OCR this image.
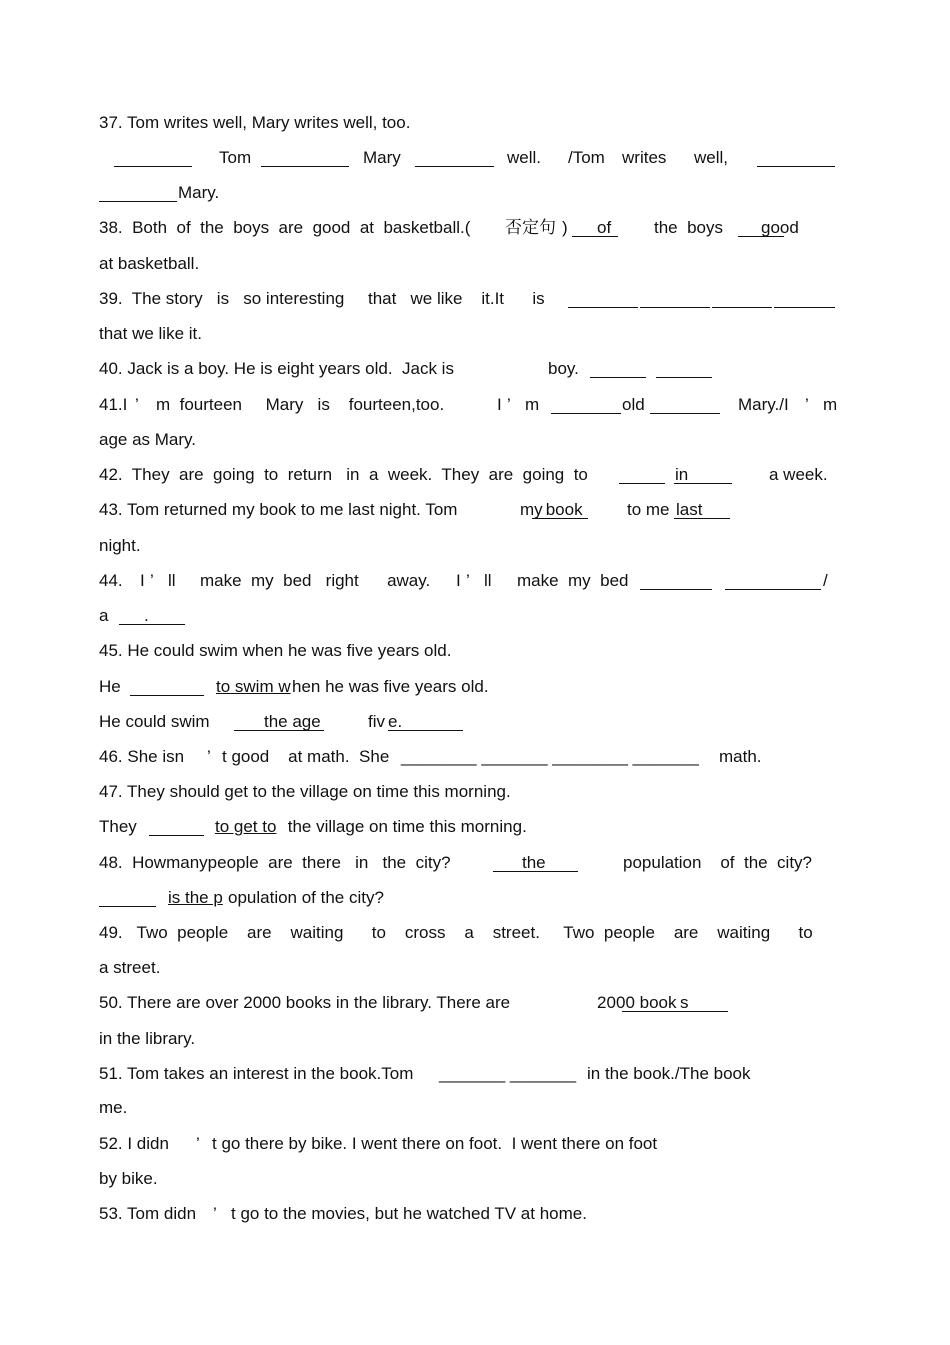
37. Tom writes well, Mary writes well, too.

Tom

	Mary

	well.

/Tom

writes

well,

Mary.

38.  Both  of  the  boys  are  good  at  basketball.(

否定句

)

of

	the  boys

good

at basketball.

39.  The story   is   so interesting     that   we like    it.It      is

that we like it.

40. Jack is a boy. He is eight years old.  Jack is

	boy.

41.I

’

m  fourteen     Mary   is    fourteen,too.

	I

’

m

	old

	Mary./I

’

m

age as Mary.

42.  They  are  going  to  return   in  a  week.  They  are  going  to

	in

	a week.

43. Tom returned my book to me last night. Tom

	my

book

	to me

last

night.

44.

I

’

ll

make  my  bed   right      away.

I

’

ll

make  my  bed

	/

a

.

45. He could swim when he was five years old.

He

	to swim w

hen he was five years old.

He could swim

	the age

	fiv

e.

46. She isn

’

t good    at math.  She

________ _______ ________ _______

math.

47. They should get to the village on time this morning.

They

	to get to

the village on time this morning.

48.  Howmanypeople  are  there   in   the  city?

	the

	population    of  the  city?

is the p

opulation of the city?

49.   Two  people    are    waiting      to    cross    a    street.     Two  people    are    waiting      to

a street.

50. There are over 2000 books in the library. There are

	20

00 book

s

in the library.

51. Tom takes an interest in the book.Tom

_______ _______

in the book./The book

me.

52. I didn

’

t go there by bike. I went there on foot.  I went there on foot

by bike.

53. Tom didn

’

t go to the movies, but he watched TV at home.
